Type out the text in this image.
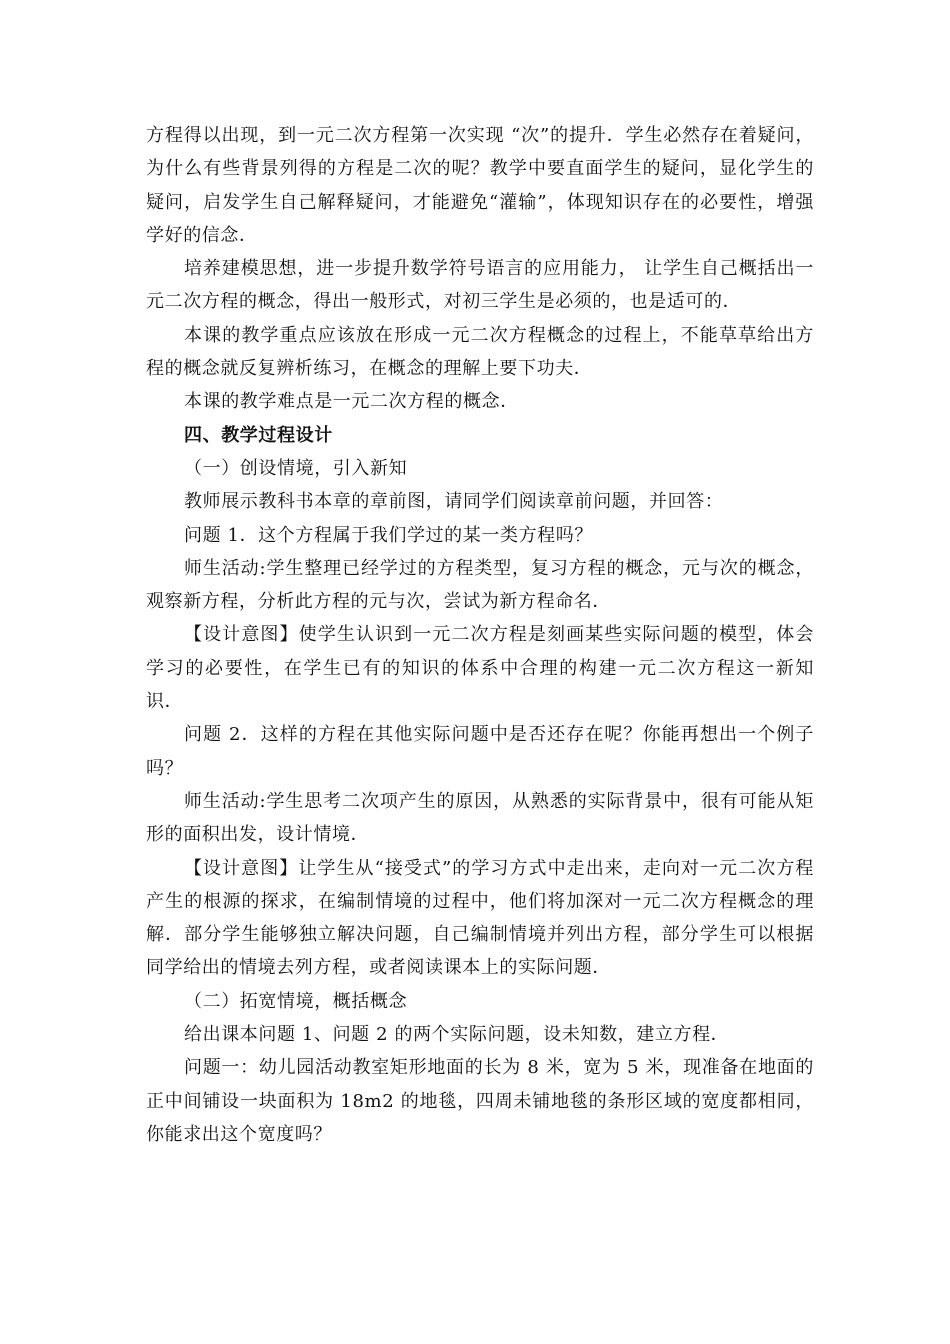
方程得以出现，到一元二次方程第一次实现 “次”的提升．学生必然存在着疑问，为什么有些背景列得的方程是二次的呢？教学中要直面学生的疑问，显化学生的疑问，启发学生自己解释疑问，才能避免“灌输”，体现知识存在的必要性，增强学好的信念．

培养建模思想，进一步提升数学符号语言的应用能力， 让学生自己概括出一元二次方程的概念，得出一般形式，对初三学生是必须的，也是适可的．

本课的教学重点应该放在形成一元二次方程概念的过程上，不能草草给出方程的概念就反复辨析练习，在概念的理解上要下功夫．

本课的教学难点是一元二次方程的概念．

四、教学过程设计

（一）创设情境，引入新知

教师展示教科书本章的章前图，请同学们阅读章前问题，并回答：

问题 1．这个方程属于我们学过的某一类方程吗？

师生活动:学生整理已经学过的方程类型，复习方程的概念，元与次的概念，观察新方程，分析此方程的元与次，尝试为新方程命名．

【设计意图】使学生认识到一元二次方程是刻画某些实际问题的模型，体会学习的必要性，在学生已有的知识的体系中合理的构建一元二次方程这一新知识．

问题 2．这样的方程在其他实际问题中是否还存在呢？你能再想出一个例子吗？

师生活动:学生思考二次项产生的原因，从熟悉的实际背景中，很有可能从矩形的面积出发，设计情境．

【设计意图】让学生从“接受式”的学习方式中走出来，走向对一元二次方程产生的根源的探求，在编制情境的过程中，他们将加深对一元二次方程概念的理解．部分学生能够独立解决问题，自己编制情境并列出方程，部分学生可以根据同学给出的情境去列方程，或者阅读课本上的实际问题．

（二）拓宽情境，概括概念

给出课本问题 1、问题 2 的两个实际问题，设未知数，建立方程．

问题一：幼儿园活动教室矩形地面的长为 8 米，宽为 5 米，现准备在地面的正中间铺设一块面积为 18m2 的地毯，四周未铺地毯的条形区域的宽度都相同，你能求出这个宽度吗？
